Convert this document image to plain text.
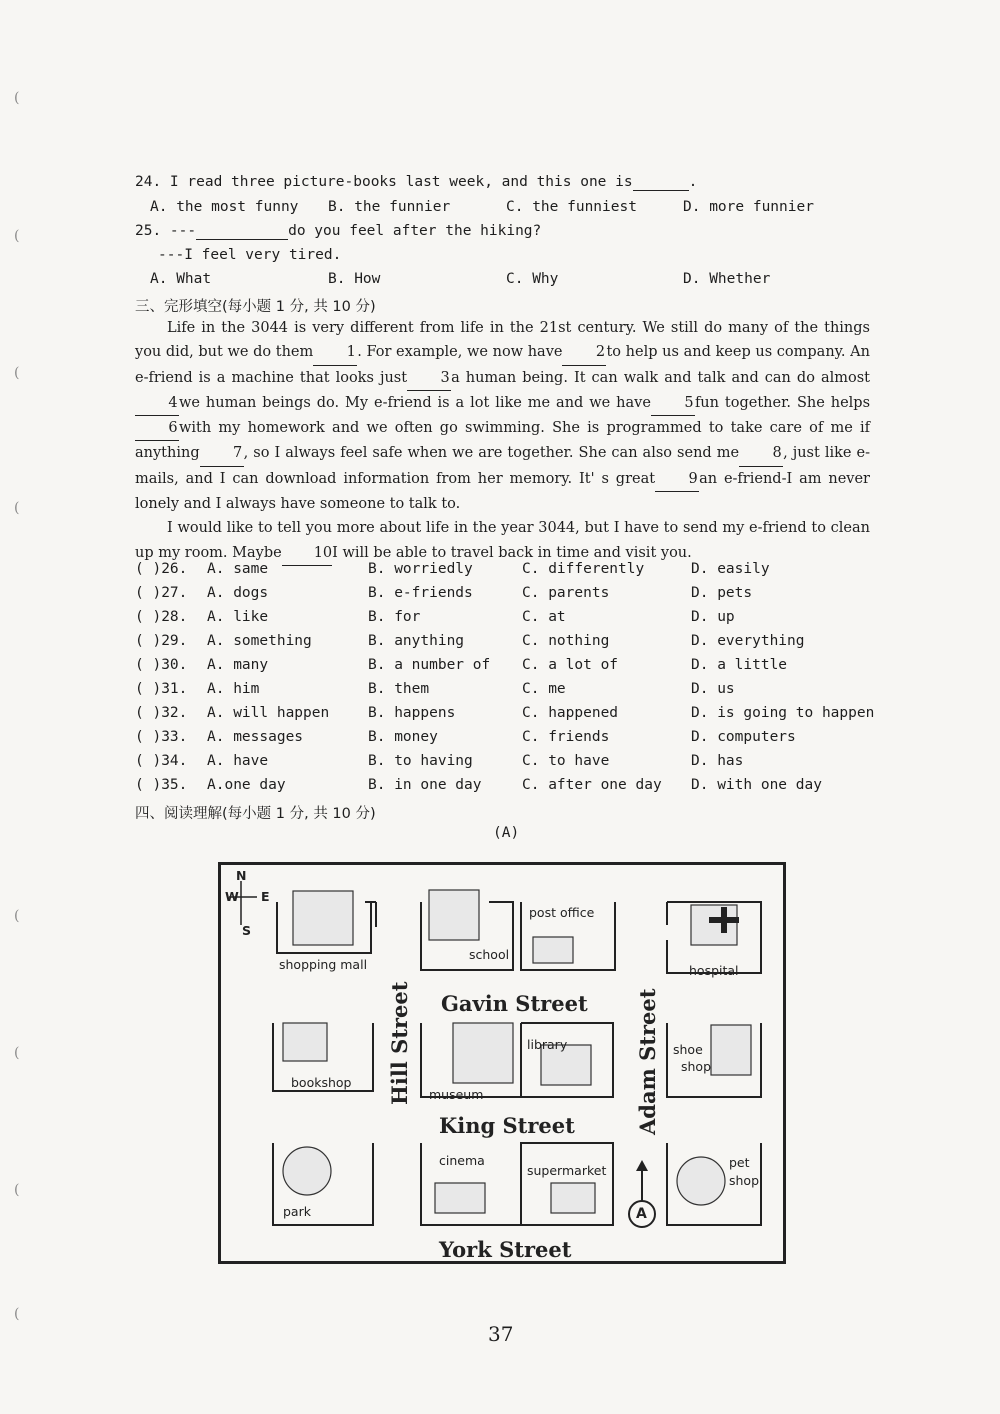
(
(
(
(
(
(
(
(
24. I read three picture-books last week, and this one is	.
A. the most funny B. the funnier	C. the funniest	D. more funnier
25. ---	do you feel after the hiking?
---I feel very tired.
A. What	B. How	C. Why	D. Whether
三、完形填空(每小题 1 分, 共 10 分)

Life in the 3044 is very different from life in the 21st century. We still do many of the things you did, but we do them 1. For example, we now have 2to help us and keep us company. An e-friend is a machine that looks just 3a human being. It can walk and talk and can do almost4we human beings do. My e-friend is a lot like me and we have 5fun together. She helps6with my homework and we often go swimming. She is programmed to take care of me if anything 7, so I always feel safe when we are together. She can also send me 8, just like e-mails, and I can download information from her memory. It' s great 9an e-friend-I am never lonely and I always have someone to talk to.

I would like to tell you more about life in the year 3044, but I have to send my e-friend to clean up my room. Maybe 10I will be able to travel back in time and visit you.

( )26. A. same	B. worriedly	C. differently	D. easily
( )27. A. dogs	B. e-friends	C. parents	D. pets
( )28. A. like	B. for	C. at	D. up
( )29. A. something	B. anything	C. nothing	D. everything
( )30. A. many	B. a number of C. a lot of	D. a little
( )31. A. him	B. them	C. me	D. us
( )32. A. will happen	B. happens	C. happened	D. is going to happen
( )33. A. messages	B. money	C. friends	D. computers
( )34. A. have	B. to having	C. to have	D. has
( )35. A.one day	B. in one day	C. after one day D. with one day
四、阅读理解(每小题 1 分, 共 10 分)
(A)
N
W E
S
shopping mall
school
post office
hospital
bookshop
museum
library	shoe
shop
park
cinema
supermarket
pet
shop
Gavin Street
King Street
York Street
Hill Street	Adam Street
A
37
